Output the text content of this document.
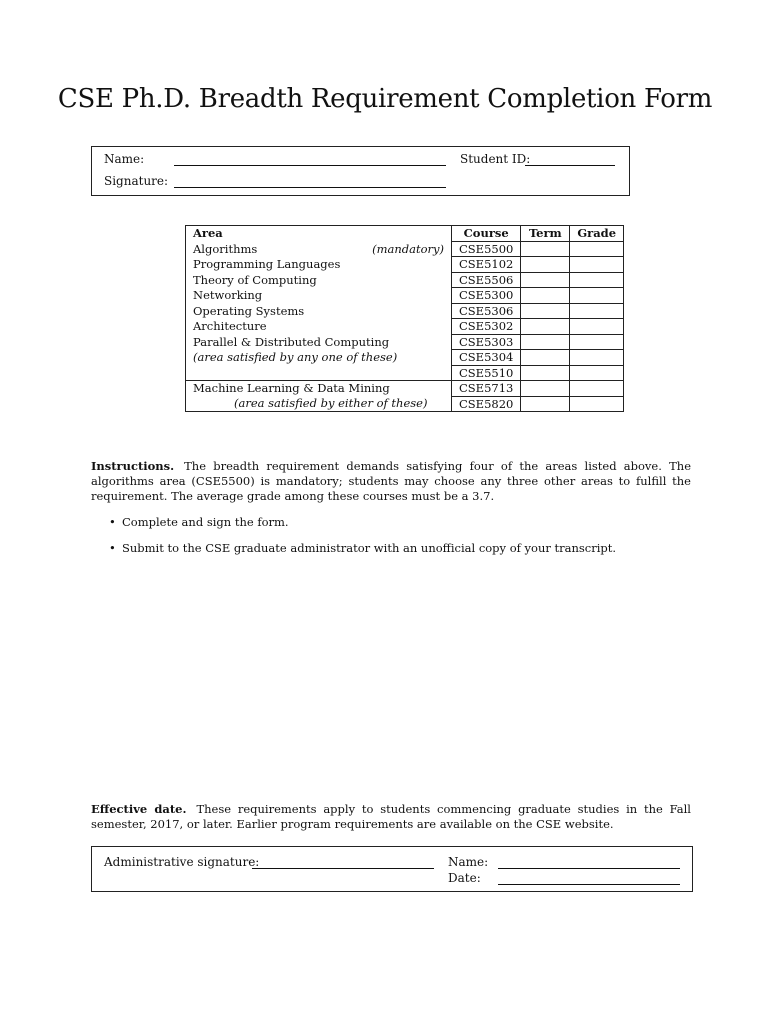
CSE Ph.D. Breadth Requirement Completion Form
Name:	Student ID:
Signature:
Area	Course	Term	Grade

Algorithms (mandatory)	CSE5500		
Programming Languages	CSE5102		
Theory of Computing	CSE5506		
Networking	CSE5300		
Operating Systems	CSE5306		
Architecture	CSE5302		
Parallel & Distributed Computing	CSE5303		
(area satisfied by any one of these)	CSE5304		
	CSE5510		
Machine Learning & Data Mining	CSE5713		
(area satisfied by either of these)	CSE5820		
Instructions. The breadth requirement demands satisfying four of the areas listed above. The algorithms area (CSE5500) is mandatory; students may choose any three other areas to fulfill the requirement. The average grade among these courses must be a 3.7.
• Complete and sign the form.
• Submit to the CSE graduate administrator with an unofficial copy of your transcript.
Effective date. These requirements apply to students commencing graduate studies in the Fall semester, 2017, or later. Earlier program requirements are available on the CSE website.
Administrative signature:	Name:
Date:
